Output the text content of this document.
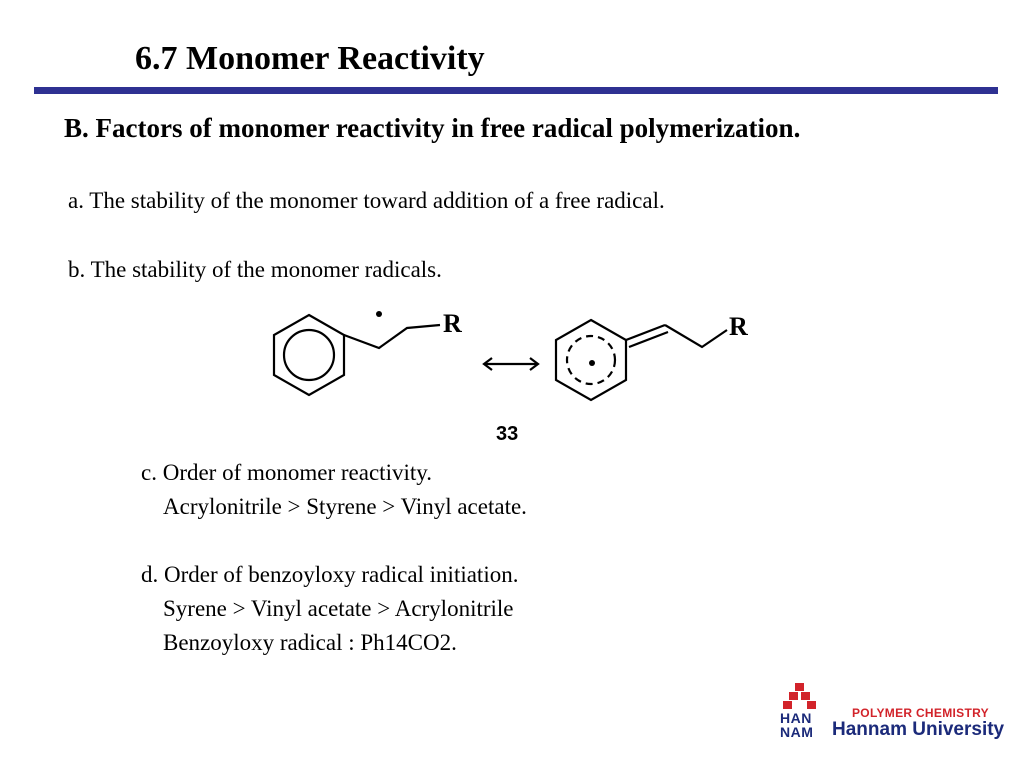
6.7 Monomer Reactivity
B. Factors of monomer reactivity in free radical polymerization.
a. The stability of the monomer toward addition of a free radical.
b. The stability of the monomer radicals.
R	R
33
c. Order of monomer reactivity.
Acrylonitrile > Styrene > Vinyl acetate.
d. Order of benzoyloxy radical initiation.
Syrene > Vinyl acetate > Acrylonitrile
Benzoyloxy radical : Ph14CO2.
HAN
NAM
POLYMER CHEMISTRY
Hannam University
